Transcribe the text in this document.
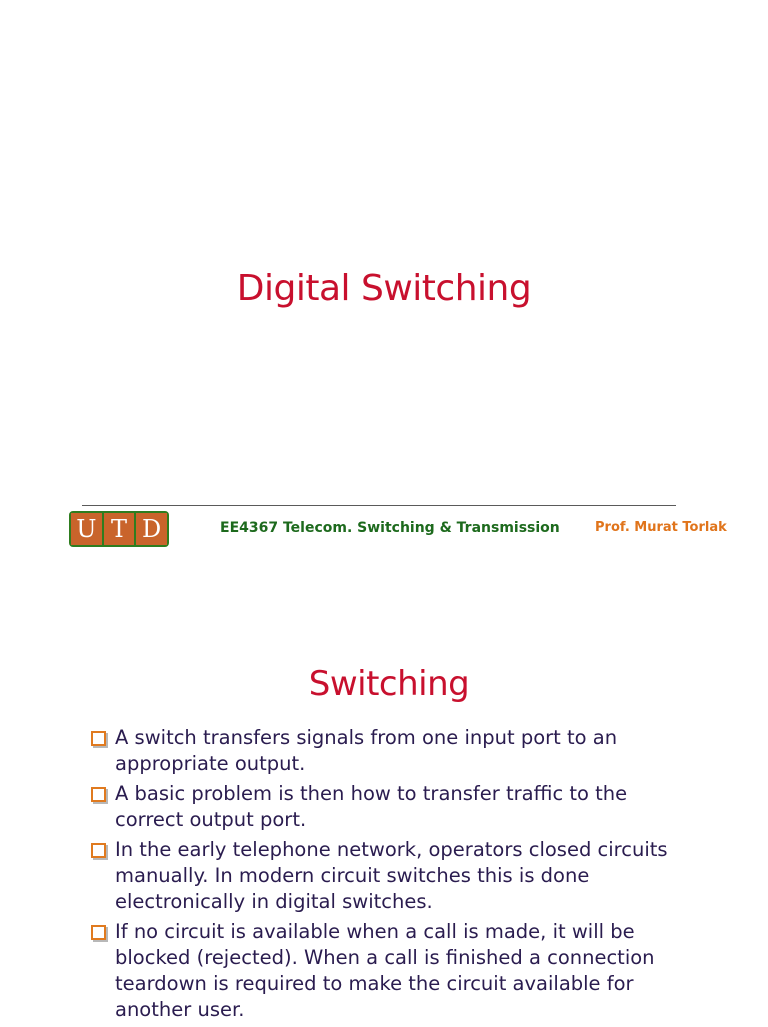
Digital Switching
U T D	EE4367 Telecom. Switching & Transmission	Prof. Murat Torlak
Switching
A switch transfers signals from one input port to an appropriate output.
A basic problem is then how to transfer traffic to the correct output port.
In the early telephone network, operators closed circuits manually. In modern circuit switches this is done electronically in digital switches.
If no circuit is available when a call is made, it will be blocked (rejected). When a call is finished a connection teardown is required to make the circuit available for another user.
